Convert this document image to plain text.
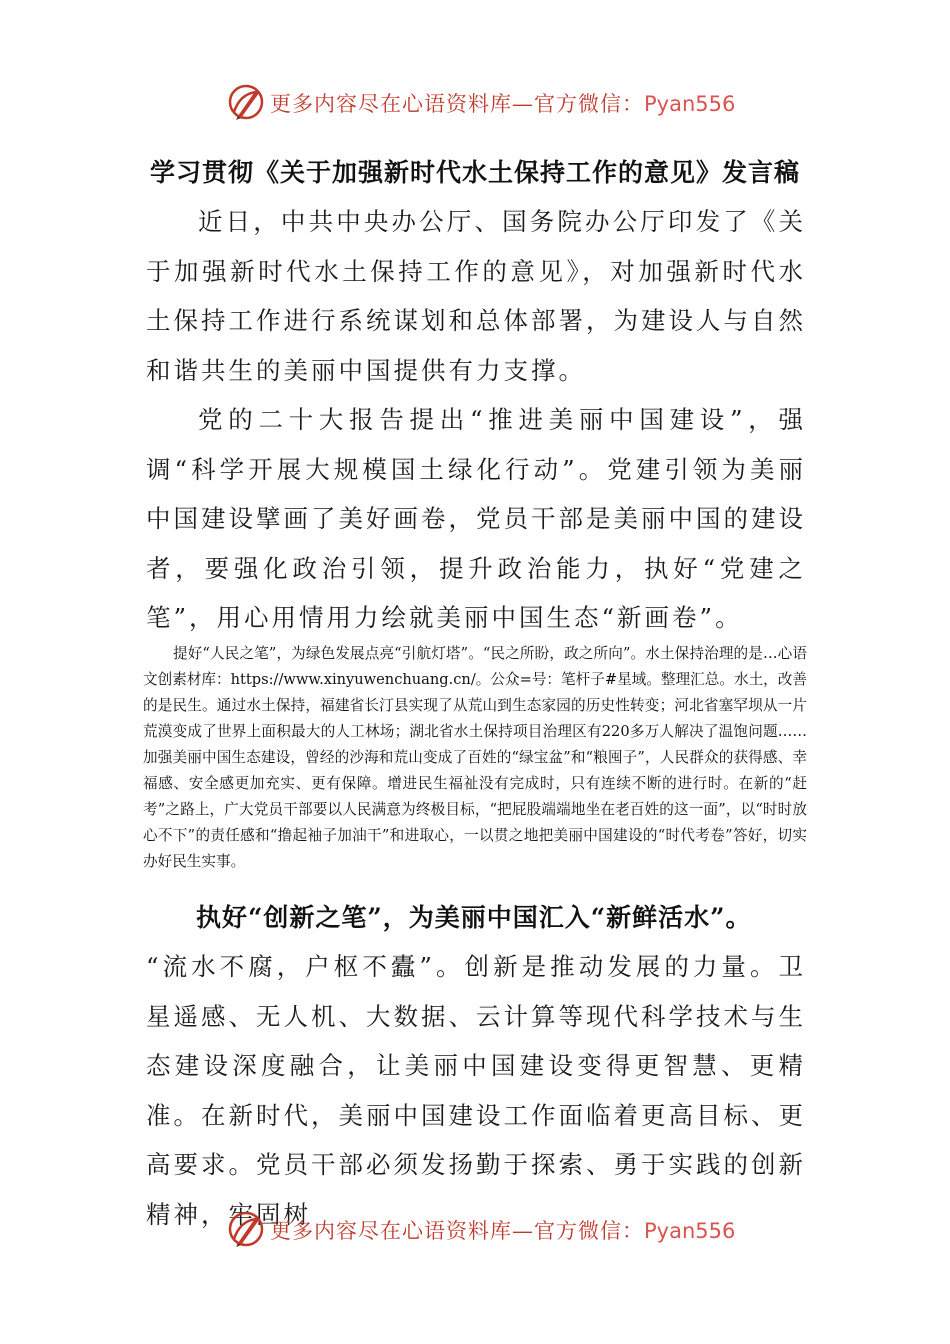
更多内容尽在心语资料库—官方微信：Pyan556
学习贯彻《关于加强新时代水土保持工作的意见》发言稿

近日，中共中央办公厅、国务院办公厅印发了《关于加强新时代水土保持工作的意见》，对加强新时代水土保持工作进行系统谋划和总体部署，为建设人与自然和谐共生的美丽中国提供有力支撑。

党的二十大报告提出“推进美丽中国建设”，强调“科学开展大规模国土绿化行动”。党建引领为美丽中国建设擘画了美好画卷，党员干部是美丽中国的建设者，要强化政治引领，提升政治能力，执好“党建之笔”，用心用情用力绘就美丽中国生态“新画卷”。

提好“人民之笔”，为绿色发展点亮“引航灯塔”。“民之所盼，政之所向”。水土保持治理的是…心语文创素材库：https://www.xinyuwenchuang.cn/。公众=号：笔杆子#星域。整理汇总。水土，改善的是民生。通过水土保持，福建省长汀县实现了从荒山到生态家园的历史性转变；河北省塞罕坝从一片荒漠变成了世界上面积最大的人工林场；湖北省水土保持项目治理区有220多万人解决了温饱问题……加强美丽中国生态建设，曾经的沙海和荒山变成了百姓的“绿宝盆”和“粮囤子”，人民群众的获得感、幸福感、安全感更加充实、更有保障。增进民生福祉没有完成时，只有连续不断的进行时。在新的“赶考”之路上，广大党员干部要以人民满意为终极目标，“把屁股端端地坐在老百姓的这一面”，以“时时放心不下”的责任感和“撸起袖子加油干”和进取心，一以贯之地把美丽中国建设的“时代考卷”答好，切实办好民生实事。

执好“创新之笔”，为美丽中国汇入“新鲜活水”。

“流水不腐，户枢不蠹”。创新是推动发展的力量。卫星遥感、无人机、大数据、云计算等现代科学技术与生态建设深度融合，让美丽中国建设变得更智慧、更精准。在新时代，美丽中国建设工作面临着更高目标、更高要求。党员干部必须发扬勤于探索、勇于实践的创新精神，牢固树

更多内容尽在心语资料库—官方微信：Pyan556
